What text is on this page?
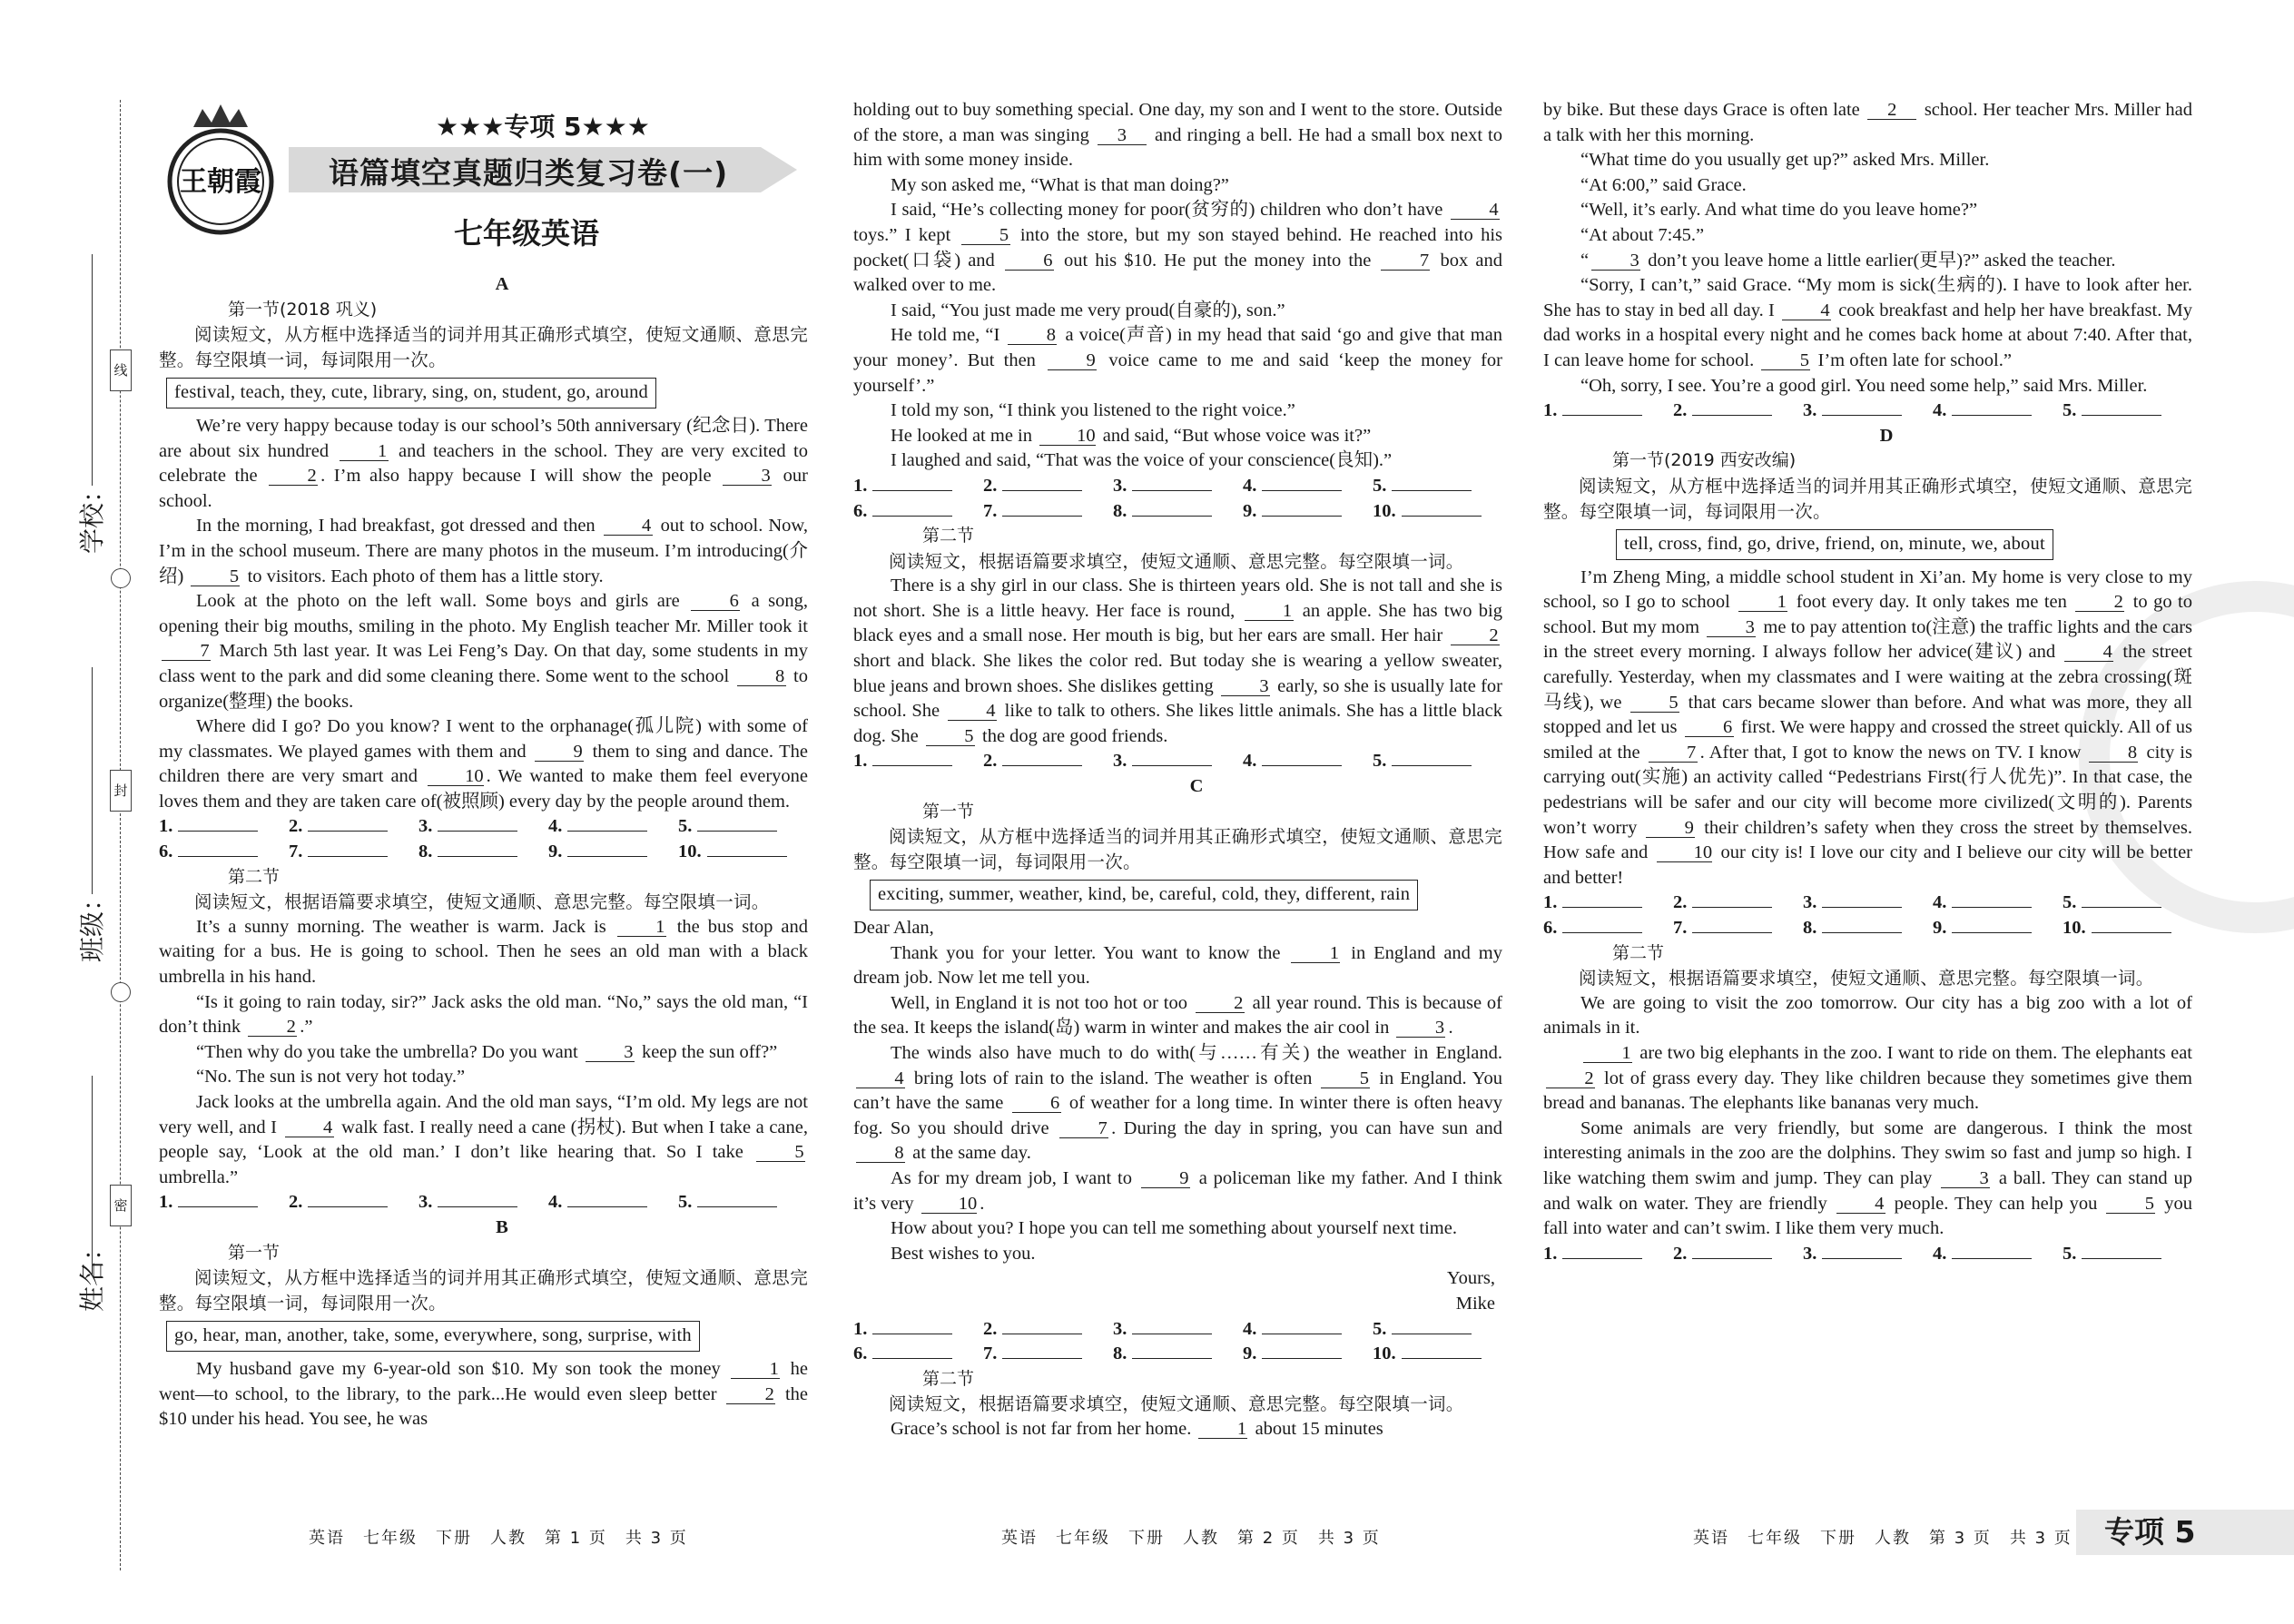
学校：
班级：
姓名：
线
封
密
王朝霞
★★★专项 5★★★
语篇填空真题归类复习卷(一)
七年级英语

A

第一节(2018 巩义)

阅读短文，从方框中选择适当的词并用其正确形式填空，使短文通顺、意思完整。每空限填一词，每词限用一次。

festival, teach, they, cute, library, sing, on, student, go, around

We’re very happy because today is our school’s 50th anniversary (纪念日). There are about six hundred 1 and teachers in the school. They are very excited to celebrate the 2 . I’m also happy because I will show the people 3 our school.

In the morning, I had breakfast, got dressed and then 4 out to school. Now, I’m in the school museum. There are many photos in the museum. I’m introducing(介绍) 5 to visitors. Each photo of them has a little story.

Look at the photo on the left wall. Some boys and girls are 6 a song, opening their big mouths, smiling in the photo. My English teacher Mr. Miller took it 7 March 5th last year. It was Lei Feng’s Day. On that day, some students in my class went to the park and did some cleaning there. Some went to the school 8 to organize(整理) the books.

Where did I go? Do you know? I went to the orphanage(孤儿院) with some of my classmates. We played games with them and 9 them to sing and dance. The children there are very smart and 10 . We wanted to make them feel everyone loves them and they are taken care of(被照顾) every day by the people around them.

1.	2.	3.	4.	5.
6.	7.	8.	9.	10.

第二节

阅读短文，根据语篇要求填空，使短文通顺、意思完整。每空限填一词。

It’s a sunny morning. The weather is warm. Jack is 1 the bus stop and waiting for a bus. He is going to school. Then he sees an old man with a black umbrella in his hand.

“Is it going to rain today, sir?” Jack asks the old man. “No,” says the old man, “I don’t think 2 .”

“Then why do you take the umbrella? Do you want 3 keep the sun off?”

“No. The sun is not very hot today.”

Jack looks at the umbrella again. And the old man says, “I’m old. My legs are not very well, and I 4 walk fast. I really need a cane (拐杖). But when I take a cane, people say, ‘Look at the old man.’ I don’t like hearing that. So I take 5 umbrella.”

1.	2.	3.	4.	5.

B

第一节

阅读短文，从方框中选择适当的词并用其正确形式填空，使短文通顺、意思完整。每空限填一词，每词限用一次。

go, hear, man, another, take, some, everywhere, song, surprise, with

My husband gave my 6-year-old son $10. My son took the money 1 he went—to school, to the library, to the park...He would even sleep better 2 the $10 under his head. You see, he was

holding out to buy something special. One day, my son and I went to the store. Outside of the store, a man was singing 3 and ringing a bell. He had a small box next to him with some money inside.

My son asked me, “What is that man doing?”

I said, “He’s collecting money for poor(贫穷的) children who don’t have 4 toys.” I kept 5 into the store, but my son stayed behind. He reached into his pocket(口袋) and 6 out his $10. He put the money into the 7 box and walked over to me.

I said, “You just made me very proud(自豪的), son.”

He told me, “I 8 a voice(声音) in my head that said ‘go and give that man your money’. But then 9 voice came to me and said ‘keep the money for yourself’.”

I told my son, “I think you listened to the right voice.”

He looked at me in 10 and said, “But whose voice was it?”

I laughed and said, “That was the voice of your conscience(良知).”

1.	2.	3.	4.	5.
6.	7.	8.	9.	10.

第二节

阅读短文，根据语篇要求填空，使短文通顺、意思完整。每空限填一词。

There is a shy girl in our class. She is thirteen years old. She is not tall and she is not short. She is a little heavy. Her face is round, 1 an apple. She has two big black eyes and a small nose. Her mouth is big, but her ears are small. Her hair 2 short and black. She likes the color red. But today she is wearing a yellow sweater, blue jeans and brown shoes. She dislikes getting 3 early, so she is usually late for school. She 4 like to talk to others. She likes little animals. She has a little black dog. She 5 the dog are good friends.

1.	2.	3.	4.	5.

C

第一节

阅读短文，从方框中选择适当的词并用其正确形式填空，使短文通顺、意思完整。每空限填一词，每词限用一次。

exciting, summer, weather, kind, be, careful, cold, they, different, rain

Dear Alan,

Thank you for your letter. You want to know the 1 in England and my dream job. Now let me tell you.

Well, in England it is not too hot or too 2 all year round. This is because of the sea. It keeps the island(岛) warm in winter and makes the air cool in 3 .

The winds also have much to do with(与……有关) the weather in England. 4 bring lots of rain to the island. The weather is often 5 in England. You can’t have the same 6 of weather for a long time. In winter there is often heavy fog. So you should drive 7 . During the day in spring, you can have sun and 8 at the same day.

As for my dream job, I want to 9 a policeman like my father. And I think it’s very 10 .

How about you? I hope you can tell me something about yourself next time.

Best wishes to you.

Yours,
Mike

1.	2.	3.	4.	5.
6.	7.	8.	9.	10.

第二节

阅读短文，根据语篇要求填空，使短文通顺、意思完整。每空限填一词。

Grace’s school is not far from her home. 1 about 15 minutes

by bike. But these days Grace is often late 2 school. Her teacher Mrs. Miller had a talk with her this morning.

“What time do you usually get up?” asked Mrs. Miller.

“At 6:00,” said Grace.

“Well, it’s early. And what time do you leave home?”

“At about 7:45.”

“ 3 don’t you leave home a little earlier(更早)?” asked the teacher.

“Sorry, I can’t,” said Grace. “My mom is sick(生病的). I have to look after her. She has to stay in bed all day. I 4 cook breakfast and help her have breakfast. My dad works in a hospital every night and he comes back home at about 7:40. After that, I can leave home for school. 5 I’m often late for school.”

“Oh, sorry, I see. You’re a good girl. You need some help,” said Mrs. Miller.

1.	2.	3.	4.	5.

D

第一节(2019 西安改编)

阅读短文，从方框中选择适当的词并用其正确形式填空，使短文通顺、意思完整。每空限填一词，每词限用一次。

tell, cross, find, go, drive, friend, on, minute, we, about

I’m Zheng Ming, a middle school student in Xi’an. My home is very close to my school, so I go to school 1 foot every day. It only takes me ten 2 to go to school. But my mom 3 me to pay attention to(注意) the traffic lights and the cars in the street every morning. I always follow her advice(建议) and 4 the street carefully. Yesterday, when my classmates and I were waiting at the zebra crossing(斑马线), we 5 that cars became slower than before. And what was more, they all stopped and let us 6 first. We were happy and crossed the street quickly. All of us smiled at the 7 . After that, I got to know the news on TV. I know 8 city is carrying out(实施) an activity called “Pedestrians First(行人优先)”. In that case, the pedestrians will be safer and our city will become more civilized(文明的). Parents won’t worry 9 their children’s safety when they cross the street by themselves. How safe and 10 our city is! I love our city and I believe our city will be better and better!

1.	2.	3.	4.	5.
6.	7.	8.	9.	10.

第二节

阅读短文，根据语篇要求填空，使短文通顺、意思完整。每空限填一词。

We are going to visit the zoo tomorrow. Our city has a big zoo with a lot of animals in it.

1 are two big elephants in the zoo. I want to ride on them. The elephants eat 2 lot of grass every day. They like children because they sometimes give them bread and bananas. The elephants like bananas very much.

Some animals are very friendly, but some are dangerous. I think the most interesting animals in the zoo are the dolphins. They swim so fast and jump so high. I like watching them swim and jump. They can play 3 a ball. They can stand up and walk on water. They are friendly 4 people. They can help you 5 you fall into water and can’t swim. I like them very much.

1.	2.	3.	4.	5.
英语　七年级　下册　人教　第 1 页　共 3 页	英语　七年级　下册　人教　第 2 页　共 3 页	英语　七年级　下册　人教　第 3 页　共 3 页 专项 5
